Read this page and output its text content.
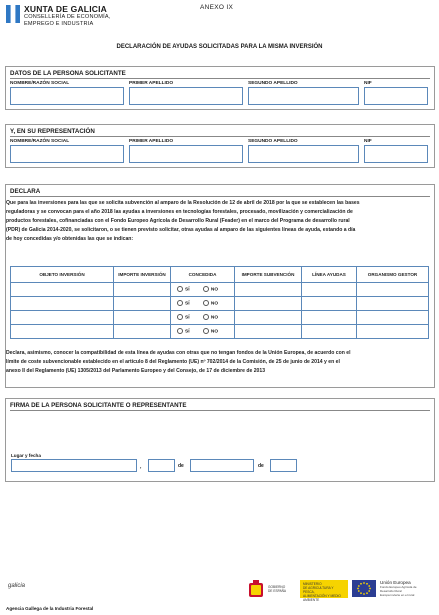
XUNTA DE GALICIA
CONSELLERÍA DE ECONOMÍA,
EMPREGO E INDUSTRIA
ANEXO IX
DECLARACIÓN DE AYUDAS SOLICITADAS PARA LA MISMA INVERSIÓN
DATOS DE LA PERSONA SOLICITANTE
NOMBRE/RAZÓN SOCIAL	PRIMER APELLIDO	SEGUNDO APELLIDO	NIF
Y, EN SU REPRESENTACIÓN
NOMBRE/RAZÓN SOCIAL	PRIMER APELLIDO	SEGUNDO APELLIDO	NIF
DECLARA
Que para las inversiones para las que se solicita subvención al amparo de la Resolución de 12 de abril de 2018 por la que se establecen las bases
reguladoras y se convocan para el año 2018 las ayudas a inversiones en tecnologías forestales, procesado, movilización y comercialización de
productos forestales, cofinanciadas con el Fondo Europeo Agrícola de Desarrollo Rural (Feader) en el marco del Programa de desarrollo rural
(PDR) de Galicia 2014-2020, se solicitaron, o se tienen previsto solicitar, otras ayudas al amparo de las siguientes líneas de ayuda, estando a día
de hoy concedidas y/o obtenidas las que se indican:
OBJETO INVERSIÓN	IMPORTE INVERSIÓN	CONCEDIDA	IMPORTE SUBVENCIÓN	LÍNEA AYUDAS	ORGANISMO GESTOR
		SÍ NO			
		SÍ NO			
		SÍ NO			
		SÍ NO			
Declara, asimismo, conocer la compatibilidad de esta línea de ayudas con otras que no tengan fondos de la Unión Europea, de acuerdo con el
límite de coste subvencionable establecido en el artículo 8 del Reglamento (UE) nº 702/2014 de la Comisión, de 25 de junio de 2014 y en el
anexo II del Reglamento (UE) 1305/2013 del Parlamento Europeo y del Consejo, de 17 de diciembre de 2013
FIRMA DE LA PERSONA SOLICITANTE O REPRESENTANTE
Lugar y fecha
,	de	de
galicia
Agencia Gallega de la Industria Forestal
GOBIERNO
DE ESPAÑA
MINISTERIO
DE AGRICULTURA Y PESCA,
ALIMENTACIÓN Y MEDIO AMBIENTE
Unión Europea
Fondo Europeo Agrícola de
Desarrollo Rural
Europa invierte en el rural
